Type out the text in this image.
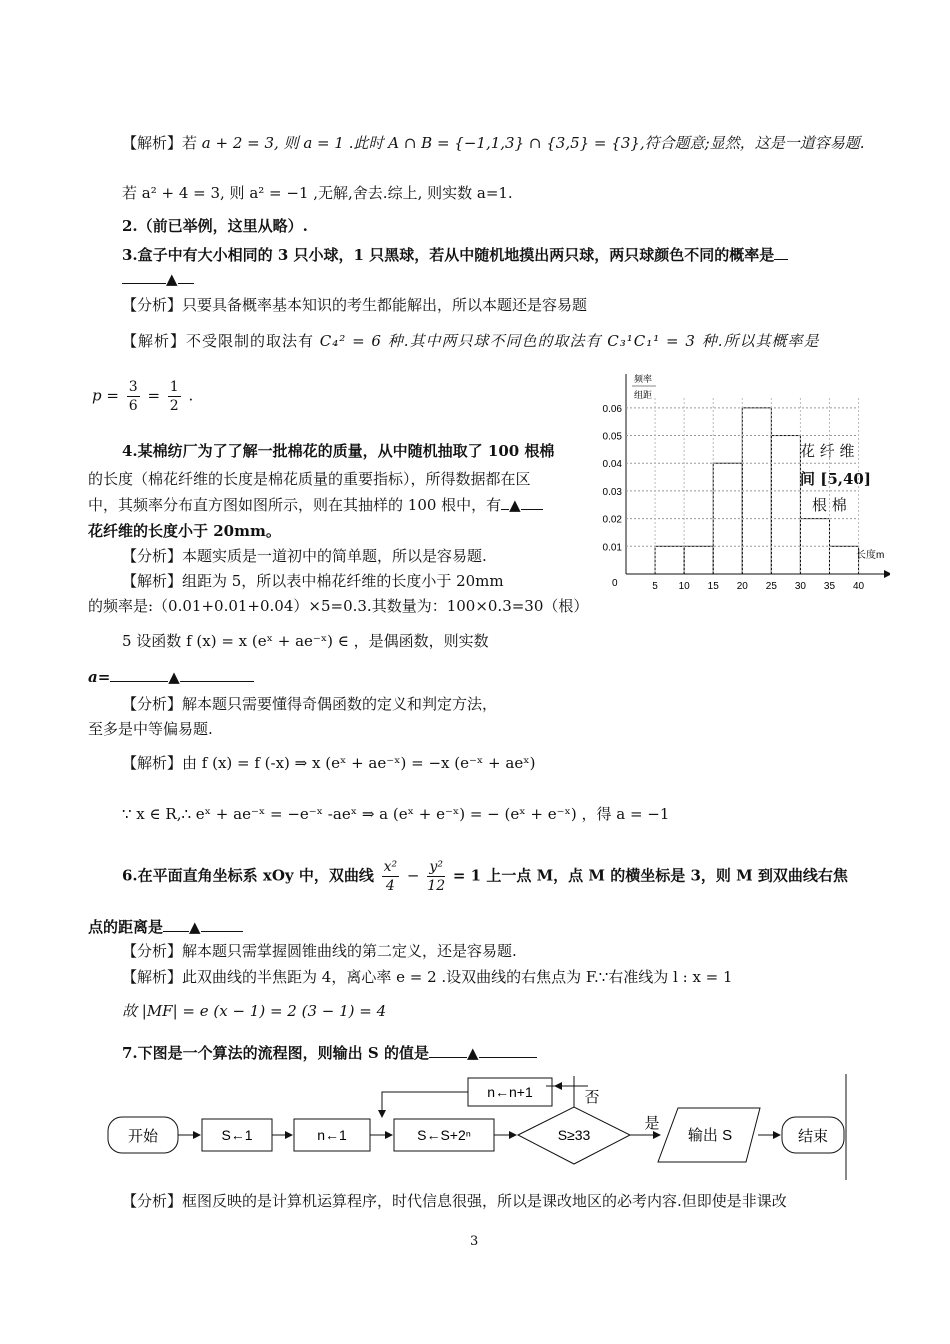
【解析】若 a + 2 = 3, 则 a = 1 .此时 A ∩ B = {−1,1,3} ∩ {3,5} = {3},符合题意;显然，这是一道容易题.
若 a² + 4 = 3, 则 a² = −1 ,无解,舍去.综上, 则实数 a=1.
2.（前已举例，这里从略）.
3.盒子中有大小相同的 3 只小球，1 只黑球，若从中随机地摸出两只球，两只球颜色不同的概率是
▲
【分析】只要具备概率基本知识的考生都能解出，所以本题还是容易题
【解析】不受限制的取法有 C₄² = 6 种.其中两只球不同色的取法有 C₃¹C₁¹ = 3 种.所以其概率是
$p = \frac{3}{6} = \frac{1}{2}$ .
4.某棉纺厂为了了解一批棉花的质量，从中随机抽取了 100 根棉
的长度（棉花纤维的长度是棉花质量的重要指标），所得数据都在区
中，其频率分布直方图如图所示，则在其抽样的 100 根中，有 ▲
花纤维的长度小于 20mm。
花 纤 维
间 [5,40]
根 棉
【分析】本题实质是一道初中的简单题，所以是容易题.
【解析】组距为 5，所以表中棉花纤维的长度小于 20mm
的频率是:（0.01+0.01+0.04）×5=0.3.其数量为：100×0.3=30（根）
0.01
0.02
0.03
0.04
0.05
0.06
5 10 15 20 25 30 35 40
0
频率
组距
长度m
5 设函数 f (x) = x (eˣ + ae⁻ˣ) ∈ ，是偶函数，则实数
a=	▲
【分析】解本题只需要懂得奇偶函数的定义和判定方法，
至多是中等偏易题.
【解析】由 f (x) = f (-x) ⇒ x (eˣ + ae⁻ˣ) = −x (e⁻ˣ + aeˣ)
∵ x ∈ R,∴ eˣ + ae⁻ˣ = −e⁻ˣ -aeˣ ⇒ a (eˣ + e⁻ˣ) = − (eˣ + e⁻ˣ) ，得 a = −1
6.在平面直角坐标系 xOy 中，双曲线 $\frac{\text{x²}}{4} - \frac{\text{y²}}{12} = 1$ 上一点 M，点 M 的横坐标是 3，则 M 到双曲线右焦
点的距离是 ▲
【分析】解本题只需掌握圆锥曲线的第二定义，还是容易题.
【解析】此双曲线的半焦距为 4，离心率 e = 2 .设双曲线的右焦点为 F.∵右准线为 l : x = 1
故 |MF| = e (x − 1) = 2 (3 − 1) = 4
7.下图是一个算法的流程图，则输出 S 的值是	▲
开始	S←1	n←1	S←S+2ⁿ	S≥33
是
否
n←n+1
输出 S	结束
【分析】框图反映的是计算机运算程序，时代信息很强，所以是课改地区的必考内容.但即使是非课改
3
